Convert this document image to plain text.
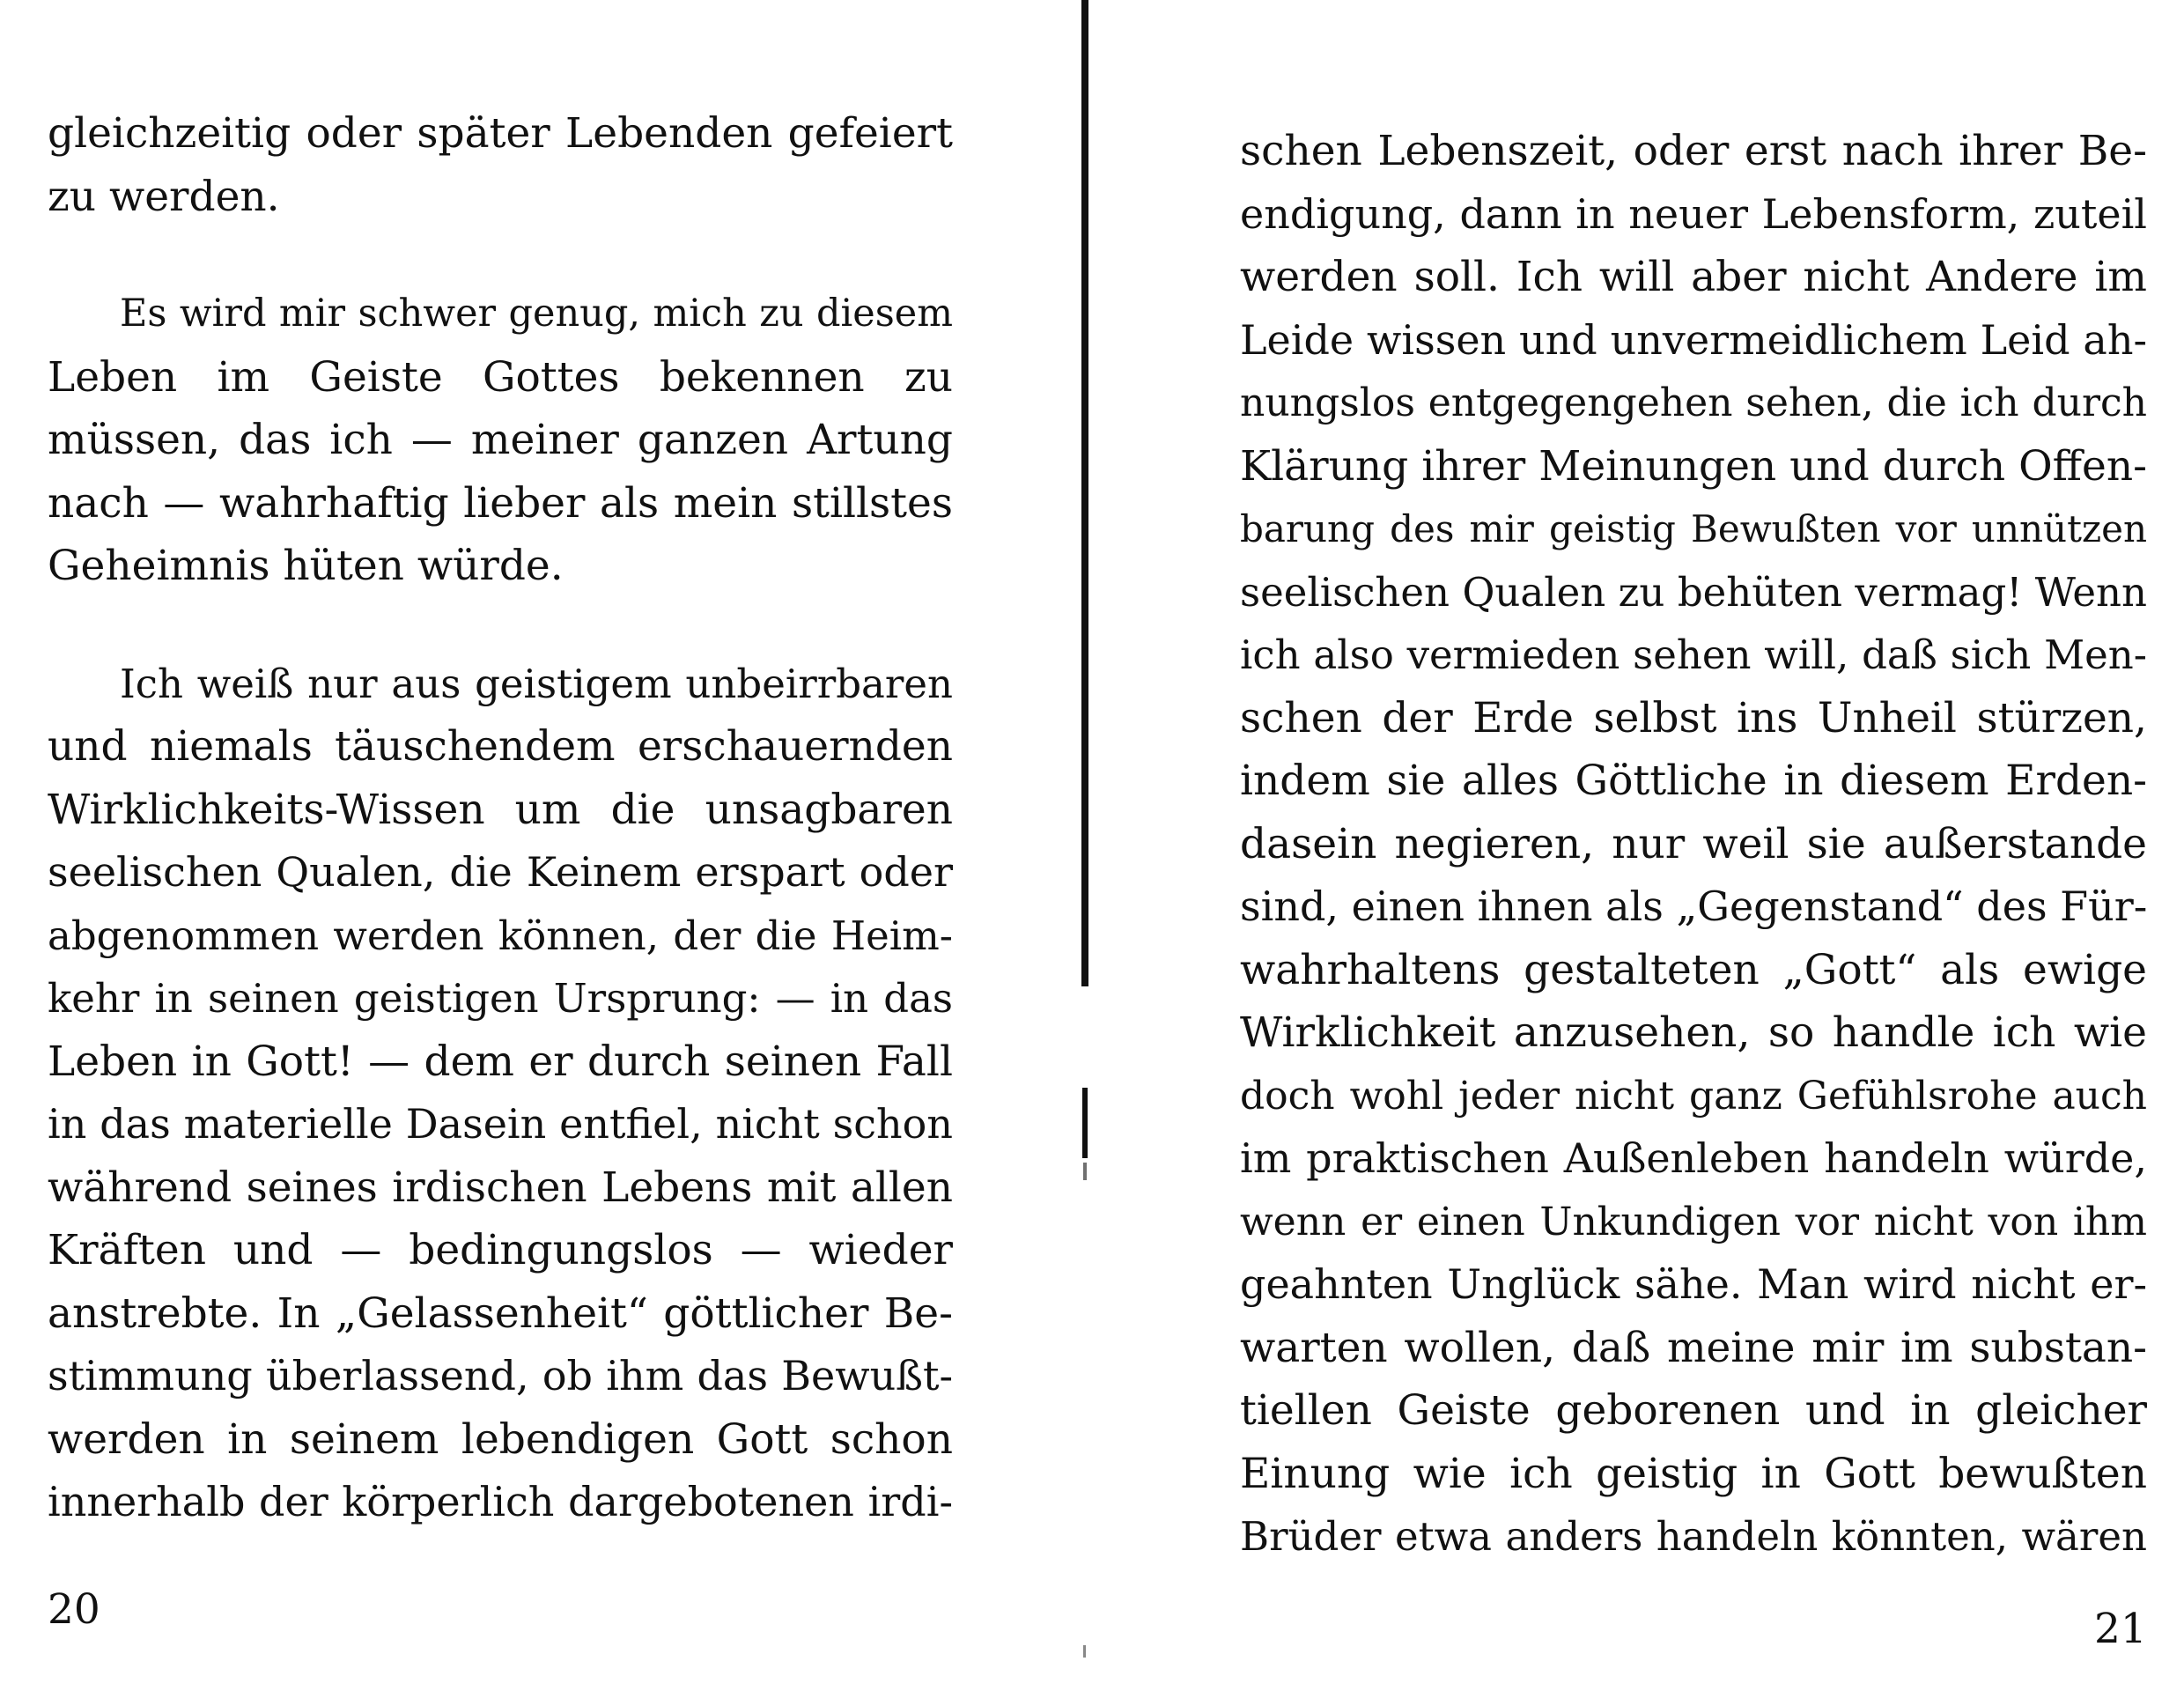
gleichzeitig oder später Lebenden gefeiert
zu werden.
Es wird mir schwer genug, mich zu diesem
Leben im Geiste Gottes bekennen zu
müssen, das ich — meiner ganzen Artung
nach — wahrhaftig lieber als mein stillstes
Geheimnis hüten würde.
Ich weiß nur aus geistigem unbeirrbaren
und niemals täuschendem erschauernden
Wirklichkeits-Wissen um die unsagbaren
seelischen Qualen, die Keinem erspart oder
abgenommen werden können, der die Heim-
kehr in seinen geistigen Ursprung: — in das
Leben in Gott! — dem er durch seinen Fall
in das materielle Dasein entfiel, nicht schon
während seines irdischen Lebens mit allen
Kräften und — bedingungslos — wieder
anstrebte. In „Gelassenheit“ göttlicher Be-
stimmung überlassend, ob ihm das Bewußt-
werden in seinem lebendigen Gott schon
innerhalb der körperlich dargebotenen irdi-
20
schen Lebenszeit, oder erst nach ihrer Be-
endigung, dann in neuer Lebensform, zuteil
werden soll. Ich will aber nicht Andere im
Leide wissen und unvermeidlichem Leid ah-
nungslos entgegengehen sehen, die ich durch
Klärung ihrer Meinungen und durch Offen-
barung des mir geistig Bewußten vor unnützen
seelischen Qualen zu behüten vermag! Wenn
ich also vermieden sehen will, daß sich Men-
schen der Erde selbst ins Unheil stürzen,
indem sie alles Göttliche in diesem Erden-
dasein negieren, nur weil sie außerstande
sind, einen ihnen als „Gegenstand“ des Für-
wahrhaltens gestalteten „Gott“ als ewige
Wirklichkeit anzusehen, so handle ich wie
doch wohl jeder nicht ganz Gefühlsrohe auch
im praktischen Außenleben handeln würde,
wenn er einen Unkundigen vor nicht von ihm
geahnten Unglück sähe. Man wird nicht er-
warten wollen, daß meine mir im substan-
tiellen Geiste geborenen und in gleicher
Einung wie ich geistig in Gott bewußten
Brüder etwa anders handeln könnten, wären
21
